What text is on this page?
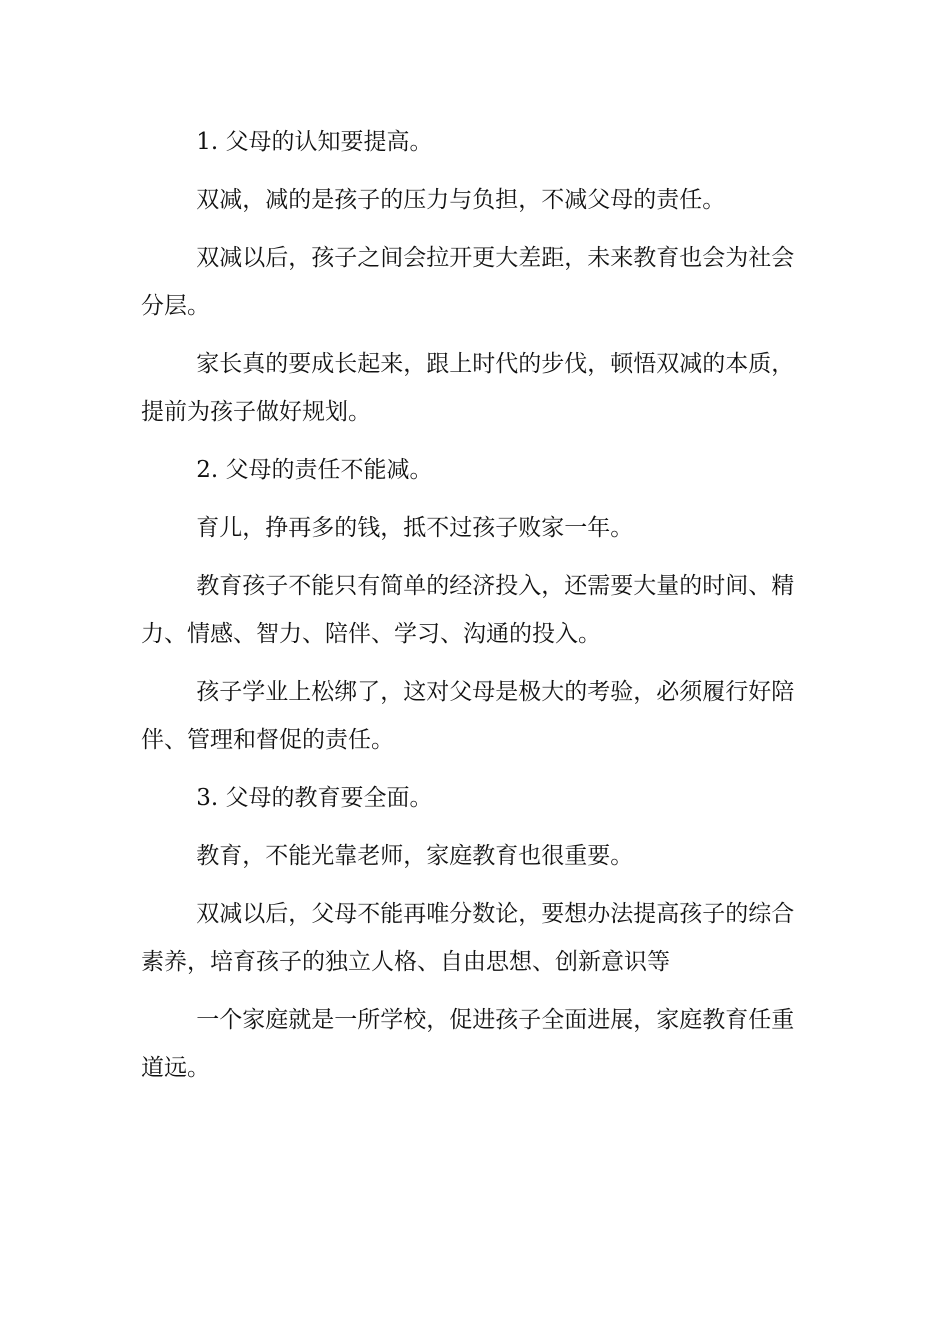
1. 父母的认知要提高。

双减，减的是孩子的压力与负担，不减父母的责任。

双减以后，孩子之间会拉开更大差距，未来教育也会为社会分层。

家长真的要成长起来，跟上时代的步伐，顿悟双减的本质，提前为孩子做好规划。

2. 父母的责任不能减。

育儿，挣再多的钱，抵不过孩子败家一年。

教育孩子不能只有简单的经济投入，还需要大量的时间、精力、情感、智力、陪伴、学习、沟通的投入。

孩子学业上松绑了，这对父母是极大的考验，必须履行好陪伴、管理和督促的责任。

3. 父母的教育要全面。

教育，不能光靠老师，家庭教育也很重要。

双减以后，父母不能再唯分数论，要想办法提高孩子的综合素养，培育孩子的独立人格、自由思想、创新意识等

一个家庭就是一所学校，促进孩子全面进展，家庭教育任重道远。
